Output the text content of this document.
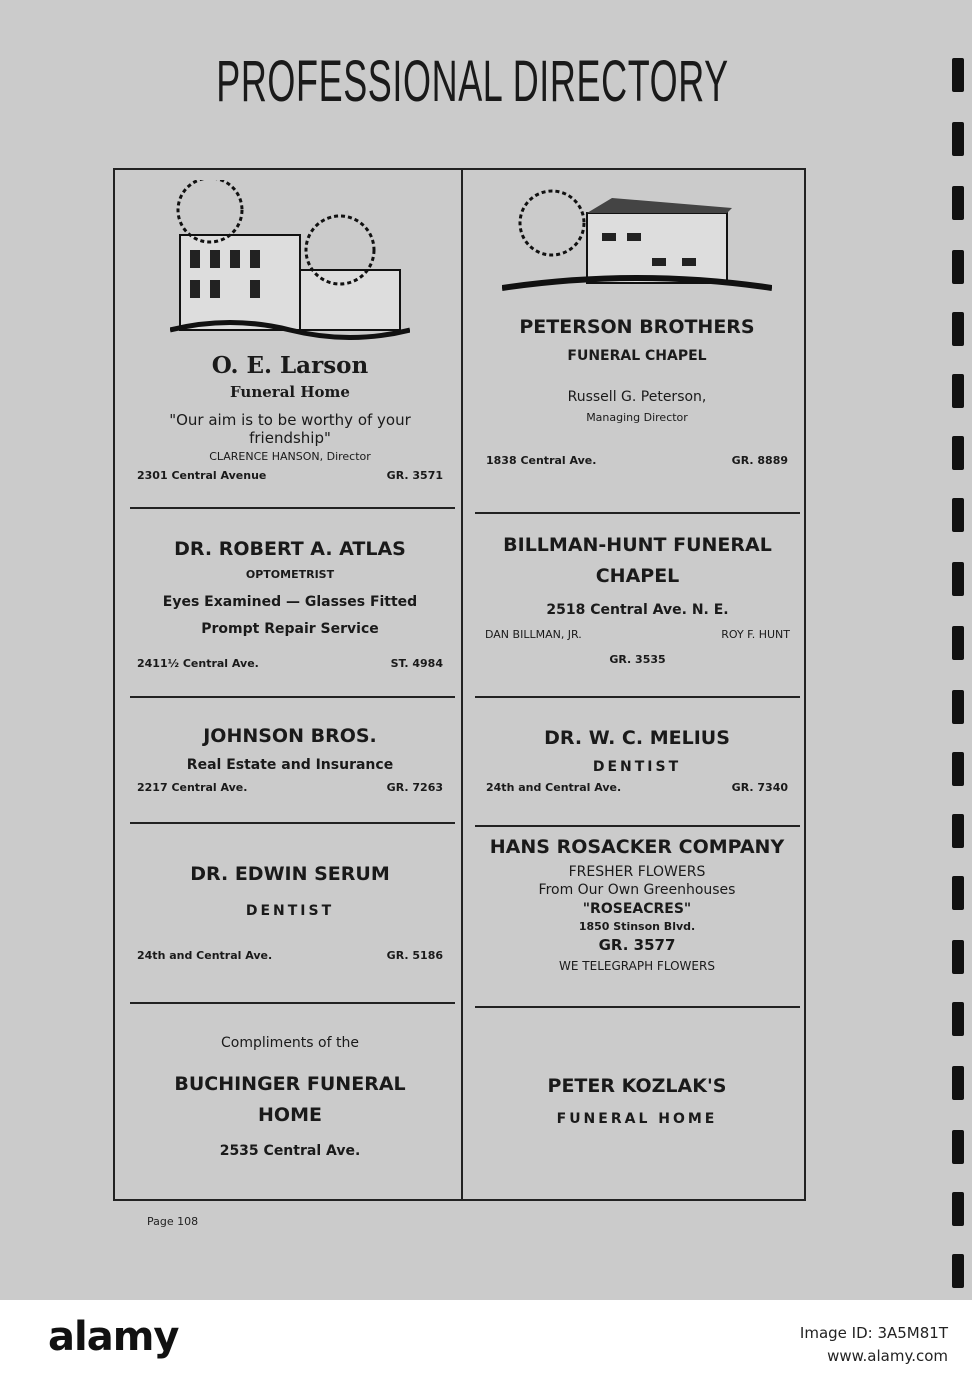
PROFESSIONAL DIRECTORY
O. E. Larson
Funeral Home
"Our aim is to be worthy of your friendship"
CLARENCE HANSON, Director
2301 Central Avenue	GR. 3571
DR. ROBERT A. ATLAS
OPTOMETRIST
Eyes Examined — Glasses Fitted
Prompt Repair Service
2411½ Central Ave.	ST. 4984
JOHNSON BROS.
Real Estate and Insurance
2217 Central Ave.	GR. 7263
DR. EDWIN SERUM
DENTIST
24th and Central Ave.	GR. 5186
Compliments of the
BUCHINGER FUNERAL HOME
2535 Central Ave.
PETERSON BROTHERS
FUNERAL CHAPEL
Russell G. Peterson,
Managing Director
1838 Central Ave.	GR. 8889
BILLMAN-HUNT FUNERAL CHAPEL
2518 Central Ave. N. E.
DAN BILLMAN, JR.	ROY F. HUNT
GR. 3535
DR. W. C. MELIUS
DENTIST
24th and Central Ave.	GR. 7340
HANS ROSACKER COMPANY
FRESHER FLOWERS
From Our Own Greenhouses
"ROSEACRES"
1850 Stinson Blvd.
GR. 3577
WE TELEGRAPH FLOWERS
PETER KOZLAK'S
FUNERAL HOME
Page 108
alamy	Image ID: 3A5M81T
www.alamy.com
